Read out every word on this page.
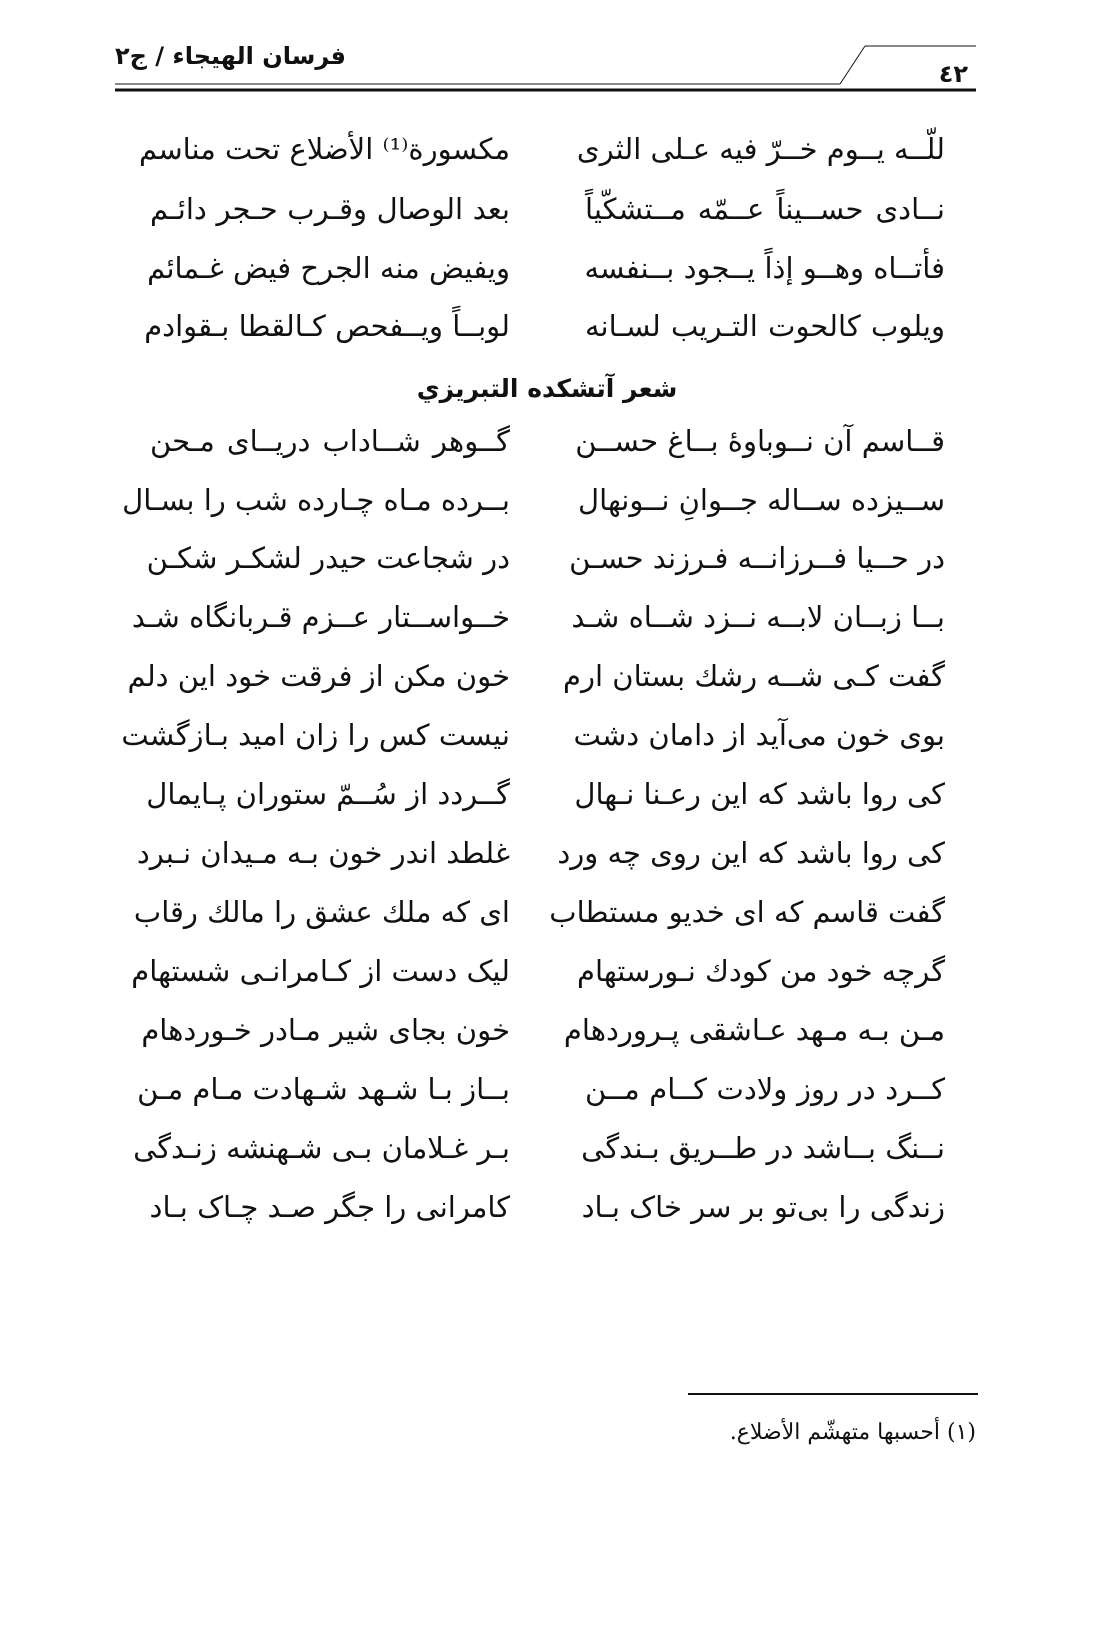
فرسان الهيجاء / ج۲
٤٢
للّــه يــوم خــرّ فيه عـلى الثرى
مكسورة⁽¹⁾ الأضلاع تحت مناسم
نــادى حســيناً عــمّه مــتشكّياً
بعد الوصال وقـرب حـجر دائـم
فأتــاه وهــو إذاً يــجود بــنفسه
ويفيض منه الجرح فيض غـمائم
ويلوب كالحوت التـريب لسـانه
لوبــاً ويــفحص كـالقطا بـقوادم
شعر آتشكده التبريزي
قــاسم آن نــوباوهٔ بــاغ حســن
گــوهر شــاداب دريــاى مـحن
ســيزده ســاله جــوانِ نــونهال
بــرده مـاه چـارده شب را بسـال
در حــيا فــرزانــه فـرزند حسـن
در شجاعت حيدر لشكـر شكـن
بــا زبــان لابــه نــزد شــاه شـد
خــواســتار عــزم قـربانگاه شـد
گفت كـى شــه رشك بستان ارم
خون مكن از فرقت خود اين دلم
بوى خون مى‌آيد از دامان دشت
نيست كس را زان اميد بـازگشت
كى روا باشد كه اين رعـنا نـهال
گــردد از سُــمّ ستوران پـايمال
كى روا باشد كه اين روى چه ورد
غلطد اندر خون بـه مـيدان نـبرد
گفت قاسم كه اى خديو مستطاب
اى كه ملك عشق را مالك رقاب
گرچه خود من كودك نـورستهام
ليک دست از كـامرانـى شستهام
مـن بـه مـهد عـاشقى پـروردهام
خون بجاى شير مـادر خـوردهام
كــرد در روز ولادت كــام مــن
بــاز بـا شـهد شـهادت مـام مـن
نــنگ بــاشد در طــريق بـندگى
بـر غـلامان بـى شـهنشه زنـدگى
زندگى را بى‌تو بر سر خاک بـاد
كامرانى را جگر صـد چـاک بـاد
(١) أحسبها متهشّم الأضلاع.
